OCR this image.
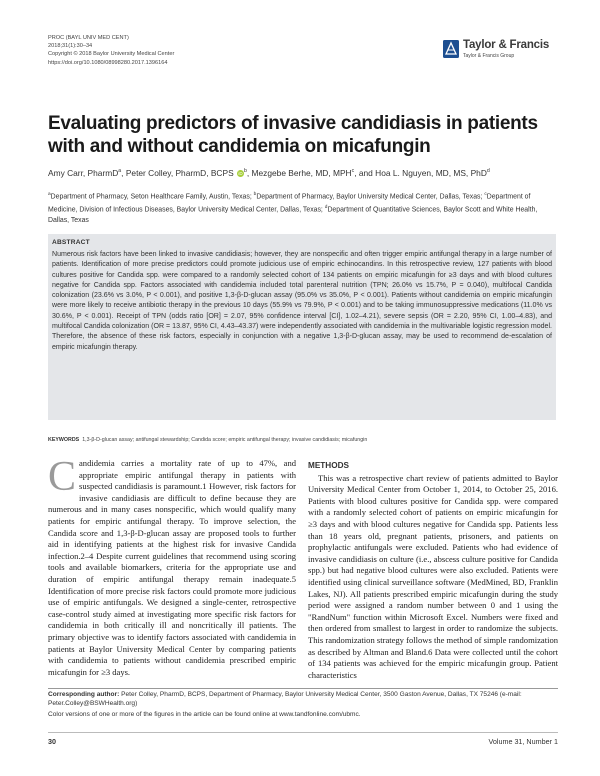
PROC (BAYL UNIV MED CENT)
2018;31(1):30–34
Copyright © 2018 Baylor University Medical Center
https://doi.org/10.1080/08998280.2017.1396164
Taylor & Francis
Taylor & Francis Group
Evaluating predictors of invasive candidiasis in patients with and without candidemia on micafungin
Amy Carr, PharmD$^a$, Peter Colley, PharmD, BCPS $iD^b$, Mezgebe Berhe, MD, MPH$^c$, and Hoa L. Nguyen, MD, MS, PhD$^d$
$^a$Department of Pharmacy, Seton Healthcare Family, Austin, Texas; $^b$Department of Pharmacy, Baylor University Medical Center, Dallas, Texas; $^c$Department of Medicine, Division of Infectious Diseases, Baylor University Medical Center, Dallas, Texas; $^d$Department of Quantitative Sciences, Baylor Scott and White Health, Dallas, Texas
ABSTRACT
Numerous risk factors have been linked to invasive candidiasis; however, they are nonspecific and often trigger empiric antifungal therapy in a large number of patients. Identification of more precise predictors could promote judicious use of empiric echinocandins. In this retrospective review, 127 patients with blood cultures positive for Candida spp. were compared to a randomly selected cohort of 134 patients on empiric micafungin for ≥3 days and with blood cultures negative for Candida spp. Factors associated with candidemia included total parenteral nutrition (TPN; 26.0% vs 15.7%, P = 0.040), multifocal Candida colonization (23.6% vs 3.0%, P < 0.001), and positive 1,3-β-D-glucan assay (95.0% vs 35.0%, P < 0.001). Patients without candidemia on empiric micafungin were more likely to receive antibiotic therapy in the previous 10 days (55.9% vs 79.9%, P < 0.001) and to be taking immunosuppressive medications (11.0% vs 30.6%, P < 0.001). Receipt of TPN (odds ratio [OR] = 2.07, 95% confidence interval [CI], 1.02–4.21), severe sepsis (OR = 2.20, 95% CI, 1.00–4.83), and multifocal Candida colonization (OR = 13.87, 95% CI, 4.43–43.37) were independently associated with candidemia in the multivariable logistic regression model. Therefore, the absence of these risk factors, especially in conjunction with a negative 1,3-β-D-glucan assay, may be used to recommend de-escalation of empiric micafungin therapy.
KEYWORDS 1,3-β-D-glucan assay; antifungal stewardship; Candida score; empiric antifungal therapy; invasive candidiasis; micafungin
Candidemia carries a mortality rate of up to 47%, and appropriate empiric antifungal therapy in patients with suspected candidiasis is paramount.1 However, risk factors for invasive candidiasis are difficult to define because they are numerous and in many cases nonspecific, which would qualify many patients for empiric antifungal therapy. To improve selection, the Candida score and 1,3-β-D-glucan assay are proposed tools to further aid in identifying patients at the highest risk for invasive Candida infection.2–4 Despite current guidelines that recommend using scoring tools and available biomarkers, criteria for the appropriate use and duration of empiric antifungal therapy remain inadequate.5 Identification of more precise risk factors could promote more judicious use of empiric antifungals. We designed a single-center, retrospective case-control study aimed at investigating more specific risk factors for candidemia in both critically ill and noncritically ill patients. The primary objective was to identify factors associated with candidemia in patients at Baylor University Medical Center by comparing patients with candidemia to patients without candidemia prescribed empiric micafungin for ≥3 days.
METHODS
This was a retrospective chart review of patients admitted to Baylor University Medical Center from October 1, 2014, to October 25, 2016. Patients with blood cultures positive for Candida spp. were compared with a randomly selected cohort of patients on empiric micafungin for ≥3 days and with blood cultures negative for Candida spp. Patients less than 18 years old, pregnant patients, prisoners, and patients on prophylactic antifungals were excluded. Patients who had evidence of invasive candidiasis on culture (i.e., abscess culture positive for Candida spp.) but had negative blood cultures were also excluded. Patients were identified using clinical surveillance software (MedMined, BD, Franklin Lakes, NJ). All patients prescribed empiric micafungin during the study period were assigned a random number between 0 and 1 using the "RandNum" function within Microsoft Excel. Numbers were fixed and then ordered from smallest to largest in order to randomize the subjects. This randomization strategy follows the method of simple randomization as described by Altman and Bland.6 Data were collected until the cohort of 134 patients was achieved for the empiric micafungin group. Patient characteristics
Corresponding author: Peter Colley, PharmD, BCPS, Department of Pharmacy, Baylor University Medical Center, 3500 Gaston Avenue, Dallas, TX 75246 (e-mail: Peter.Colley@BSWHealth.org)
Color versions of one or more of the figures in the article can be found online at www.tandfonline.com/ubmc.
30	Volume 31, Number 1
